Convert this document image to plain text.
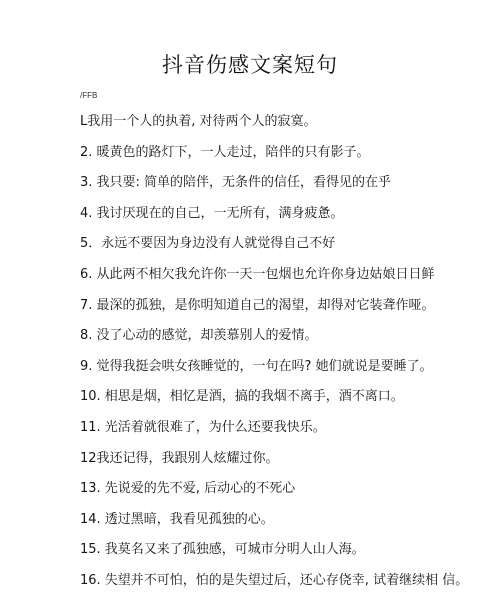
抖音伤感文案短句
/FFB
L我用一个人的执着, 对待两个人的寂寞。
2. 暖黄色的路灯下，一人走过，陪伴的只有影子。
3. 我只要: 简单的陪伴，无条件的信任，看得见的在乎
4. 我讨厌现在的自己，一无所有，满身疲惫。
5．永远不要因为身边没有人就觉得自己不好
6. 从此两不相欠我允许你一天一包烟也允许你身边姑娘日日鲜
7. 最深的孤独，是你明知道自己的渴望，却得对它装聋作哑。
8. 没了心动的感觉，却羡慕别人的爱情。
9. 觉得我挺会哄女孩睡觉的，一句在吗? 她们就说是要睡了。
10. 相思是烟，相忆是酒，搞的我烟不离手，酒不离口。
11. 光活着就很难了，为什么还要我快乐。
12我还记得，我跟别人炫耀过你。
13. 先说爱的先不爱, 后动心的不死心
14. 透过黑暗，我看见孤独的心。
15. 我莫名又来了孤独感，可城市分明人山人海。
16. 失望并不可怕，怕的是失望过后，还心存侥幸, 试着继续相 信。
